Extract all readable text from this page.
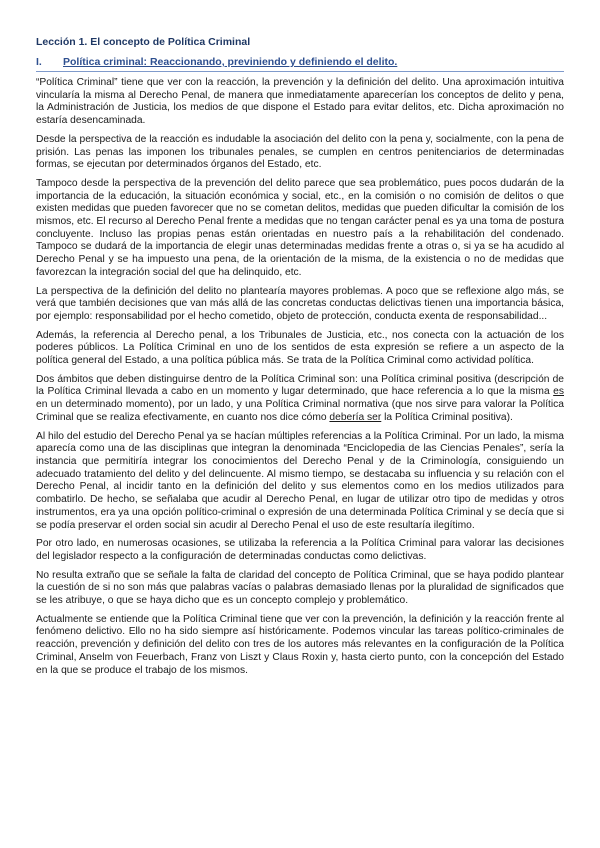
Lección 1. El concepto de Política Criminal
I.	Política criminal: Reaccionando, previniendo y definiendo el delito.

“Política Criminal” tiene que ver con la reacción, la prevención y la definición del delito. Una aproximación intuitiva vincularía la misma al Derecho Penal, de manera que inmediatamente aparecerían los conceptos de delito y pena, la Administración de Justicia, los medios de que dispone el Estado para evitar delitos, etc. Dicha aproximación no estaría desencaminada.

Desde la perspectiva de la reacción es indudable la asociación del delito con la pena y, socialmente, con la pena de prisión. Las penas las imponen los tribunales penales, se cumplen en centros penitenciarios de determinadas formas, se ejecutan por determinados órganos del Estado, etc.

Tampoco desde la perspectiva de la prevención del delito parece que sea problemático, pues pocos dudarán de la importancia de la educación, la situación económica y social, etc., en la comisión o no comisión de delitos o que existen medidas que pueden favorecer que no se cometan delitos, medidas que pueden dificultar la comisión de los mismos, etc. El recurso al Derecho Penal frente a medidas que no tengan carácter penal es ya una toma de postura concluyente. Incluso las propias penas están orientadas en nuestro país a la rehabilitación del condenado. Tampoco se dudará de la importancia de elegir unas determinadas medidas frente a otras o, si ya se ha acudido al Derecho Penal y se ha impuesto una pena, de la orientación de la misma, de la existencia o no de medidas que favorezcan la integración social del que ha delinquido, etc.

La perspectiva de la definición del delito no plantearía mayores problemas. A poco que se reflexione algo más, se verá que también decisiones que van más allá de las concretas conductas delictivas tienen una importancia básica, por ejemplo: responsabilidad por el hecho cometido, objeto de protección, conducta exenta de responsabilidad...

Además, la referencia al Derecho penal, a los Tribunales de Justicia, etc., nos conecta con la actuación de los poderes públicos. La Política Criminal en uno de los sentidos de esta expresión se refiere a un aspecto de la política general del Estado, a una política pública más. Se trata de la Política Criminal como actividad política.

Dos ámbitos que deben distinguirse dentro de la Política Criminal son: una Política criminal positiva (descripción de la Política Criminal llevada a cabo en un momento y lugar determinado, que hace referencia a lo que la misma es en un determinado momento), por un lado, y una Política Criminal normativa (que nos sirve para valorar la Política Criminal que se realiza efectivamente, en cuanto nos dice cómo debería ser la Política Criminal positiva).

Al hilo del estudio del Derecho Penal ya se hacían múltiples referencias a la Política Criminal. Por un lado, la misma aparecía como una de las disciplinas que integran la denominada “Enciclopedia de las Ciencias Penales”, sería la instancia que permitiría integrar los conocimientos del Derecho Penal y de la Criminología, consiguiendo un adecuado tratamiento del delito y del delincuente. Al mismo tiempo, se destacaba su influencia y su relación con el Derecho Penal, al incidir tanto en la definición del delito y sus elementos como en los medios utilizados para combatirlo. De hecho, se señalaba que acudir al Derecho Penal, en lugar de utilizar otro tipo de medidas y otros instrumentos, era ya una opción político-criminal o expresión de una determinada Política Criminal y se decía que si se podía preservar el orden social sin acudir al Derecho Penal el uso de este resultaría ilegítimo.

Por otro lado, en numerosas ocasiones, se utilizaba la referencia a la Política Criminal para valorar las decisiones del legislador respecto a la configuración de determinadas conductas como delictivas.

No resulta extraño que se señale la falta de claridad del concepto de Política Criminal, que se haya podido plantear la cuestión de si no son más que palabras vacías o palabras demasiado llenas por la pluralidad de significados que se les atribuye, o que se haya dicho que es un concepto complejo y problemático.

Actualmente se entiende que la Política Criminal tiene que ver con la prevención, la definición y la reacción frente al fenómeno delictivo. Ello no ha sido siempre así históricamente. Podemos vincular las tareas político-criminales de reacción, prevención y definición del delito con tres de los autores más relevantes en la configuración de la Política Criminal, Anselm von Feuerbach, Franz von Liszt y Claus Roxin y, hasta cierto punto, con la concepción del Estado en la que se produce el trabajo de los mismos.
